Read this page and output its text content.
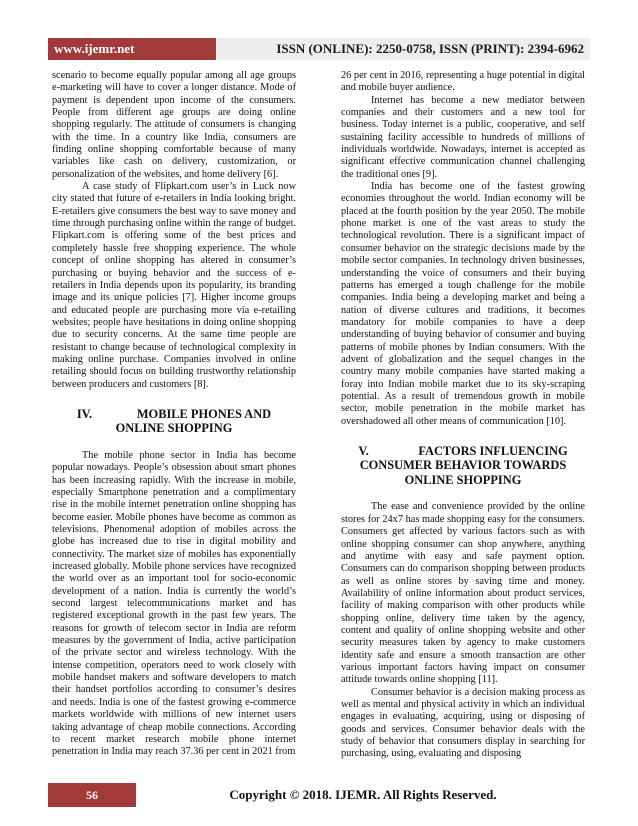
www.ijemr.net	ISSN (ONLINE): 2250-0758, ISSN (PRINT): 2394-6962

scenario to become equally popular among all age groups e-marketing will have to cover a longer distance. Mode of payment is dependent upon income of the consumers. People from different age groups are doing online shopping regularly. The attitude of consumers is changing with the time. In a country like India, consumers are finding online shopping comfortable because of many variables like cash on delivery, customization, or personalization of the websites, and home delivery [6].

A case study of Flipkart.com user’s in Luck now city stated that future of e-retailers in India looking bright. E-retailers give consumers the best way to save money and time through purchasing online within the range of budget. Flipkart.com is offering some of the best prices and completely hassle free shopping experience. The whole concept of online shopping has altered in consumer’s purchasing or buying behavior and the success of e-retailers in India depends upon its popularity, its branding image and its unique policies [7]. Higher income groups and educated people are purchasing more via e-retailing websites; people have hesitations in doing online shopping due to security concerns. At the same time people are resistant to change because of technological complexity in making online purchase. Companies involved in online retailing should focus on building trustworthy relationship between producers and customers [8].

IV.	MOBILE PHONES AND ONLINE SHOPPING

The mobile phone sector in India has become popular nowadays. People’s obsession about smart phones has been increasing rapidly. With the increase in mobile, especially Smartphone penetration and a complimentary rise in the mobile internet penetration online shopping has become easier. Mobile phones have become as common as televisions. Phenomenal adoption of mobiles across the globe has increased due to rise in digital mobility and connectivity. The market size of mobiles has exponentially increased globally. Mobile phone services have recognized the world over as an important tool for socio-economic development of a nation. India is currently the world’s second largest telecommunications market and has registered exceptional growth in the past few years. The reasons for growth of telecom sector in India are reform measures by the government of India, active participation of the private sector and wireless technology. With the intense competition, operators need to work closely with mobile handset makers and software developers to match their handset portfolios according to consumer’s desires and needs. India is one of the fastest growing e-commerce markets worldwide with millions of new internet users taking advantage of cheap mobile connections. According to recent market research mobile phone internet penetration in India may reach 37.36 per cent in 2021 from

26 per cent in 2016, representing a huge potential in digital and mobile buyer audience.

Internet has become a new mediator between companies and their customers and a new tool for business. Today internet is a public, cooperative, and self sustaining facility accessible to hundreds of millions of individuals worldwide. Nowadays, internet is accepted as significant effective communication channel challenging the traditional ones [9].

India has become one of the fastest growing economies throughout the world. Indian economy will be placed at the fourth position by the year 2050. The mobile phone market is one of the vast areas to study the technological revolution. There is a significant impact of consumer behavior on the strategic decisions made by the mobile sector companies. In technology driven businesses, understanding the voice of consumers and their buying patterns has emerged a tough challenge for the mobile companies. India being a developing market and being a nation of diverse cultures and traditions, it becomes mandatory for mobile companies to have a deep understanding of buying behavior of consumer and buying patterns of mobile phones by Indian consumers. With the advent of globalization and the sequel changes in the country many mobile companies have started making a foray into Indian mobile market due to its sky-scraping potential. As a result of tremendous growth in mobile sector, mobile penetration in the mobile market has overshadowed all other means of communication [10].

V.	FACTORS INFLUENCING CONSUMER BEHAVIOR TOWARDS ONLINE SHOPPING

The ease and convenience provided by the online stores for 24x7 has made shopping easy for the consumers. Consumers get affected by various factors such as with online shopping consumer can shop anywhere, anything and anytime with easy and safe payment option. Consumers can do comparison shopping between products as well as online stores by saving time and money. Availability of online information about product services, facility of making comparison with other products while shopping online, delivery time taken by the agency, content and quality of online shopping website and other security measures taken by agency to make customers identity safe and ensure a smooth transaction are other various important factors having impact on consumer attitude towards online shopping [11].

Consumer behavior is a decision making process as well as mental and physical activity in which an individual engages in evaluating, acquiring, using or disposing of goods and services. Consumer behavior deals with the study of behavior that consumers display in searching for purchasing, using, evaluating and disposing

56	Copyright © 2018. IJEMR. All Rights Reserved.
